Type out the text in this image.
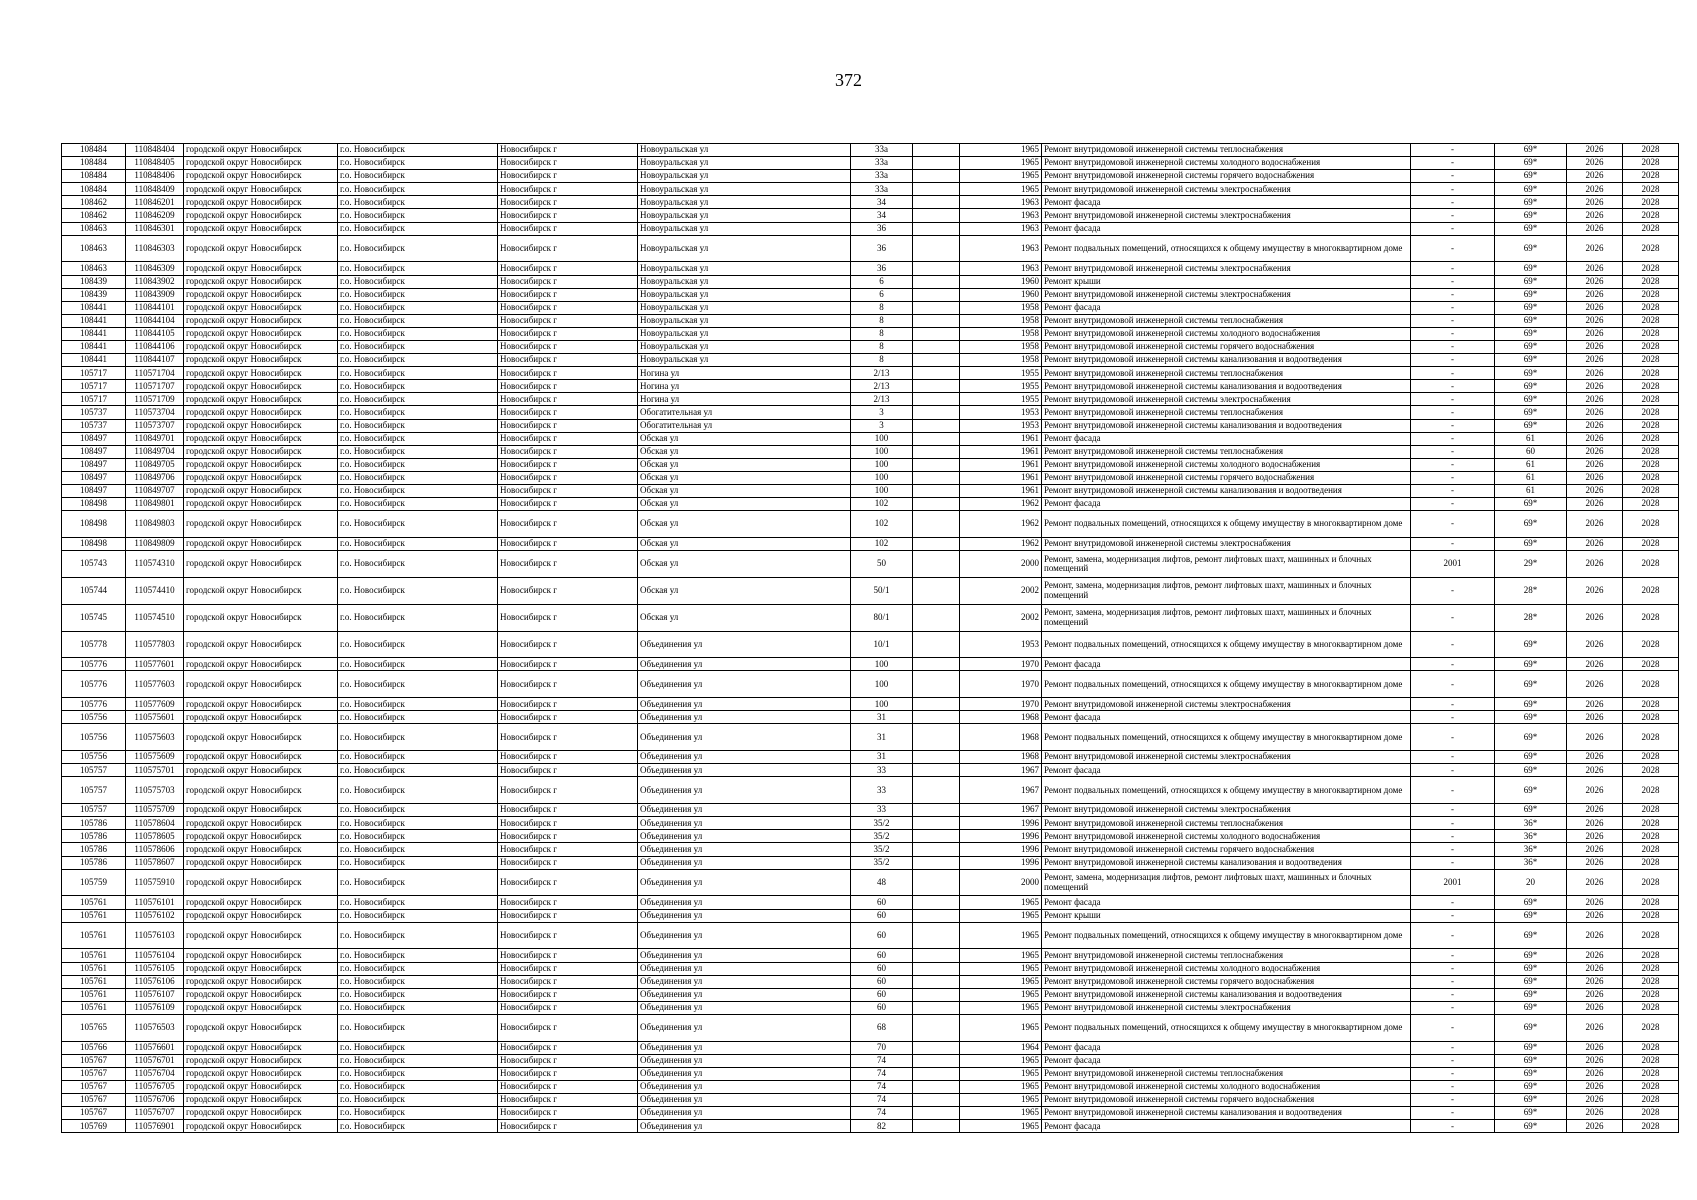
372
108484	110848404	городской округ Новосибирск	г.о. Новосибирск	Новосибирск г	Новоуральская ул	33а		1965	Ремонт внутридомовой инженерной системы теплоснабжения	-	69*	2026	2028
108484	110848405	городской округ Новосибирск	г.о. Новосибирск	Новосибирск г	Новоуральская ул	33а		1965	Ремонт внутридомовой инженерной системы холодного водоснабжения	-	69*	2026	2028
108484	110848406	городской округ Новосибирск	г.о. Новосибирск	Новосибирск г	Новоуральская ул	33а		1965	Ремонт внутридомовой инженерной системы горячего водоснабжения	-	69*	2026	2028
108484	110848409	городской округ Новосибирск	г.о. Новосибирск	Новосибирск г	Новоуральская ул	33а		1965	Ремонт внутридомовой инженерной системы электроснабжения	-	69*	2026	2028
108462	110846201	городской округ Новосибирск	г.о. Новосибирск	Новосибирск г	Новоуральская ул	34		1963	Ремонт фасада	-	69*	2026	2028
108462	110846209	городской округ Новосибирск	г.о. Новосибирск	Новосибирск г	Новоуральская ул	34		1963	Ремонт внутридомовой инженерной системы электроснабжения	-	69*	2026	2028
108463	110846301	городской округ Новосибирск	г.о. Новосибирск	Новосибирск г	Новоуральская ул	36		1963	Ремонт фасада	-	69*	2026	2028
108463	110846303	городской округ Новосибирск	г.о. Новосибирск	Новосибирск г	Новоуральская ул	36		1963	Ремонт подвальных помещений, относящихся к общему имуществу в многоквартирном доме	-	69*	2026	2028
108463	110846309	городской округ Новосибирск	г.о. Новосибирск	Новосибирск г	Новоуральская ул	36		1963	Ремонт внутридомовой инженерной системы электроснабжения	-	69*	2026	2028
108439	110843902	городской округ Новосибирск	г.о. Новосибирск	Новосибирск г	Новоуральская ул	6		1960	Ремонт крыши	-	69*	2026	2028
108439	110843909	городской округ Новосибирск	г.о. Новосибирск	Новосибирск г	Новоуральская ул	6		1960	Ремонт внутридомовой инженерной системы электроснабжения	-	69*	2026	2028
108441	110844101	городской округ Новосибирск	г.о. Новосибирск	Новосибирск г	Новоуральская ул	8		1958	Ремонт фасада	-	69*	2026	2028
108441	110844104	городской округ Новосибирск	г.о. Новосибирск	Новосибирск г	Новоуральская ул	8		1958	Ремонт внутридомовой инженерной системы теплоснабжения	-	69*	2026	2028
108441	110844105	городской округ Новосибирск	г.о. Новосибирск	Новосибирск г	Новоуральская ул	8		1958	Ремонт внутридомовой инженерной системы холодного водоснабжения	-	69*	2026	2028
108441	110844106	городской округ Новосибирск	г.о. Новосибирск	Новосибирск г	Новоуральская ул	8		1958	Ремонт внутридомовой инженерной системы горячего водоснабжения	-	69*	2026	2028
108441	110844107	городской округ Новосибирск	г.о. Новосибирск	Новосибирск г	Новоуральская ул	8		1958	Ремонт внутридомовой инженерной системы канализования и водоотведения	-	69*	2026	2028
105717	110571704	городской округ Новосибирск	г.о. Новосибирск	Новосибирск г	Ногина ул	2/13		1955	Ремонт внутридомовой инженерной системы теплоснабжения	-	69*	2026	2028
105717	110571707	городской округ Новосибирск	г.о. Новосибирск	Новосибирск г	Ногина ул	2/13		1955	Ремонт внутридомовой инженерной системы канализования и водоотведения	-	69*	2026	2028
105717	110571709	городской округ Новосибирск	г.о. Новосибирск	Новосибирск г	Ногина ул	2/13		1955	Ремонт внутридомовой инженерной системы электроснабжения	-	69*	2026	2028
105737	110573704	городской округ Новосибирск	г.о. Новосибирск	Новосибирск г	Обогатительная ул	3		1953	Ремонт внутридомовой инженерной системы теплоснабжения	-	69*	2026	2028
105737	110573707	городской округ Новосибирск	г.о. Новосибирск	Новосибирск г	Обогатительная ул	3		1953	Ремонт внутридомовой инженерной системы канализования и водоотведения	-	69*	2026	2028
108497	110849701	городской округ Новосибирск	г.о. Новосибирск	Новосибирск г	Обская ул	100		1961	Ремонт фасада	-	61	2026	2028
108497	110849704	городской округ Новосибирск	г.о. Новосибирск	Новосибирск г	Обская ул	100		1961	Ремонт внутридомовой инженерной системы теплоснабжения	-	60	2026	2028
108497	110849705	городской округ Новосибирск	г.о. Новосибирск	Новосибирск г	Обская ул	100		1961	Ремонт внутридомовой инженерной системы холодного водоснабжения	-	61	2026	2028
108497	110849706	городской округ Новосибирск	г.о. Новосибирск	Новосибирск г	Обская ул	100		1961	Ремонт внутридомовой инженерной системы горячего водоснабжения	-	61	2026	2028
108497	110849707	городской округ Новосибирск	г.о. Новосибирск	Новосибирск г	Обская ул	100		1961	Ремонт внутридомовой инженерной системы канализования и водоотведения	-	61	2026	2028
108498	110849801	городской округ Новосибирск	г.о. Новосибирск	Новосибирск г	Обская ул	102		1962	Ремонт фасада	-	69*	2026	2028
108498	110849803	городской округ Новосибирск	г.о. Новосибирск	Новосибирск г	Обская ул	102		1962	Ремонт подвальных помещений, относящихся к общему имуществу в многоквартирном доме	-	69*	2026	2028
108498	110849809	городской округ Новосибирск	г.о. Новосибирск	Новосибирск г	Обская ул	102		1962	Ремонт внутридомовой инженерной системы электроснабжения	-	69*	2026	2028
105743	110574310	городской округ Новосибирск	г.о. Новосибирск	Новосибирск г	Обская ул	50		2000	Ремонт, замена, модернизация лифтов, ремонт лифтовых шахт, машинных и блочных помещений	2001	29*	2026	2028
105744	110574410	городской округ Новосибирск	г.о. Новосибирск	Новосибирск г	Обская ул	50/1		2002	Ремонт, замена, модернизация лифтов, ремонт лифтовых шахт, машинных и блочных помещений	-	28*	2026	2028
105745	110574510	городской округ Новосибирск	г.о. Новосибирск	Новосибирск г	Обская ул	80/1		2002	Ремонт, замена, модернизация лифтов, ремонт лифтовых шахт, машинных и блочных помещений	-	28*	2026	2028
105778	110577803	городской округ Новосибирск	г.о. Новосибирск	Новосибирск г	Объединения ул	10/1		1953	Ремонт подвальных помещений, относящихся к общему имуществу в многоквартирном доме	-	69*	2026	2028
105776	110577601	городской округ Новосибирск	г.о. Новосибирск	Новосибирск г	Объединения ул	100		1970	Ремонт фасада	-	69*	2026	2028
105776	110577603	городской округ Новосибирск	г.о. Новосибирск	Новосибирск г	Объединения ул	100		1970	Ремонт подвальных помещений, относящихся к общему имуществу в многоквартирном доме	-	69*	2026	2028
105776	110577609	городской округ Новосибирск	г.о. Новосибирск	Новосибирск г	Объединения ул	100		1970	Ремонт внутридомовой инженерной системы электроснабжения	-	69*	2026	2028
105756	110575601	городской округ Новосибирск	г.о. Новосибирск	Новосибирск г	Объединения ул	31		1968	Ремонт фасада	-	69*	2026	2028
105756	110575603	городской округ Новосибирск	г.о. Новосибирск	Новосибирск г	Объединения ул	31		1968	Ремонт подвальных помещений, относящихся к общему имуществу в многоквартирном доме	-	69*	2026	2028
105756	110575609	городской округ Новосибирск	г.о. Новосибирск	Новосибирск г	Объединения ул	31		1968	Ремонт внутридомовой инженерной системы электроснабжения	-	69*	2026	2028
105757	110575701	городской округ Новосибирск	г.о. Новосибирск	Новосибирск г	Объединения ул	33		1967	Ремонт фасада	-	69*	2026	2028
105757	110575703	городской округ Новосибирск	г.о. Новосибирск	Новосибирск г	Объединения ул	33		1967	Ремонт подвальных помещений, относящихся к общему имуществу в многоквартирном доме	-	69*	2026	2028
105757	110575709	городской округ Новосибирск	г.о. Новосибирск	Новосибирск г	Объединения ул	33		1967	Ремонт внутридомовой инженерной системы электроснабжения	-	69*	2026	2028
105786	110578604	городской округ Новосибирск	г.о. Новосибирск	Новосибирск г	Объединения ул	35/2		1996	Ремонт внутридомовой инженерной системы теплоснабжения	-	36*	2026	2028
105786	110578605	городской округ Новосибирск	г.о. Новосибирск	Новосибирск г	Объединения ул	35/2		1996	Ремонт внутридомовой инженерной системы холодного водоснабжения	-	36*	2026	2028
105786	110578606	городской округ Новосибирск	г.о. Новосибирск	Новосибирск г	Объединения ул	35/2		1996	Ремонт внутридомовой инженерной системы горячего водоснабжения	-	36*	2026	2028
105786	110578607	городской округ Новосибирск	г.о. Новосибирск	Новосибирск г	Объединения ул	35/2		1996	Ремонт внутридомовой инженерной системы канализования и водоотведения	-	36*	2026	2028
105759	110575910	городской округ Новосибирск	г.о. Новосибирск	Новосибирск г	Объединения ул	48		2000	Ремонт, замена, модернизация лифтов, ремонт лифтовых шахт, машинных и блочных помещений	2001	20	2026	2028
105761	110576101	городской округ Новосибирск	г.о. Новосибирск	Новосибирск г	Объединения ул	60		1965	Ремонт фасада	-	69*	2026	2028
105761	110576102	городской округ Новосибирск	г.о. Новосибирск	Новосибирск г	Объединения ул	60		1965	Ремонт крыши	-	69*	2026	2028
105761	110576103	городской округ Новосибирск	г.о. Новосибирск	Новосибирск г	Объединения ул	60		1965	Ремонт подвальных помещений, относящихся к общему имуществу в многоквартирном доме	-	69*	2026	2028
105761	110576104	городской округ Новосибирск	г.о. Новосибирск	Новосибирск г	Объединения ул	60		1965	Ремонт внутридомовой инженерной системы теплоснабжения	-	69*	2026	2028
105761	110576105	городской округ Новосибирск	г.о. Новосибирск	Новосибирск г	Объединения ул	60		1965	Ремонт внутридомовой инженерной системы холодного водоснабжения	-	69*	2026	2028
105761	110576106	городской округ Новосибирск	г.о. Новосибирск	Новосибирск г	Объединения ул	60		1965	Ремонт внутридомовой инженерной системы горячего водоснабжения	-	69*	2026	2028
105761	110576107	городской округ Новосибирск	г.о. Новосибирск	Новосибирск г	Объединения ул	60		1965	Ремонт внутридомовой инженерной системы канализования и водоотведения	-	69*	2026	2028
105761	110576109	городской округ Новосибирск	г.о. Новосибирск	Новосибирск г	Объединения ул	60		1965	Ремонт внутридомовой инженерной системы электроснабжения	-	69*	2026	2028
105765	110576503	городской округ Новосибирск	г.о. Новосибирск	Новосибирск г	Объединения ул	68		1965	Ремонт подвальных помещений, относящихся к общему имуществу в многоквартирном доме	-	69*	2026	2028
105766	110576601	городской округ Новосибирск	г.о. Новосибирск	Новосибирск г	Объединения ул	70		1964	Ремонт фасада	-	69*	2026	2028
105767	110576701	городской округ Новосибирск	г.о. Новосибирск	Новосибирск г	Объединения ул	74		1965	Ремонт фасада	-	69*	2026	2028
105767	110576704	городской округ Новосибирск	г.о. Новосибирск	Новосибирск г	Объединения ул	74		1965	Ремонт внутридомовой инженерной системы теплоснабжения	-	69*	2026	2028
105767	110576705	городской округ Новосибирск	г.о. Новосибирск	Новосибирск г	Объединения ул	74		1965	Ремонт внутридомовой инженерной системы холодного водоснабжения	-	69*	2026	2028
105767	110576706	городской округ Новосибирск	г.о. Новосибирск	Новосибирск г	Объединения ул	74		1965	Ремонт внутридомовой инженерной системы горячего водоснабжения	-	69*	2026	2028
105767	110576707	городской округ Новосибирск	г.о. Новосибирск	Новосибирск г	Объединения ул	74		1965	Ремонт внутридомовой инженерной системы канализования и водоотведения	-	69*	2026	2028
105769	110576901	городской округ Новосибирск	г.о. Новосибирск	Новосибирск г	Объединения ул	82		1965	Ремонт фасада	-	69*	2026	2028
